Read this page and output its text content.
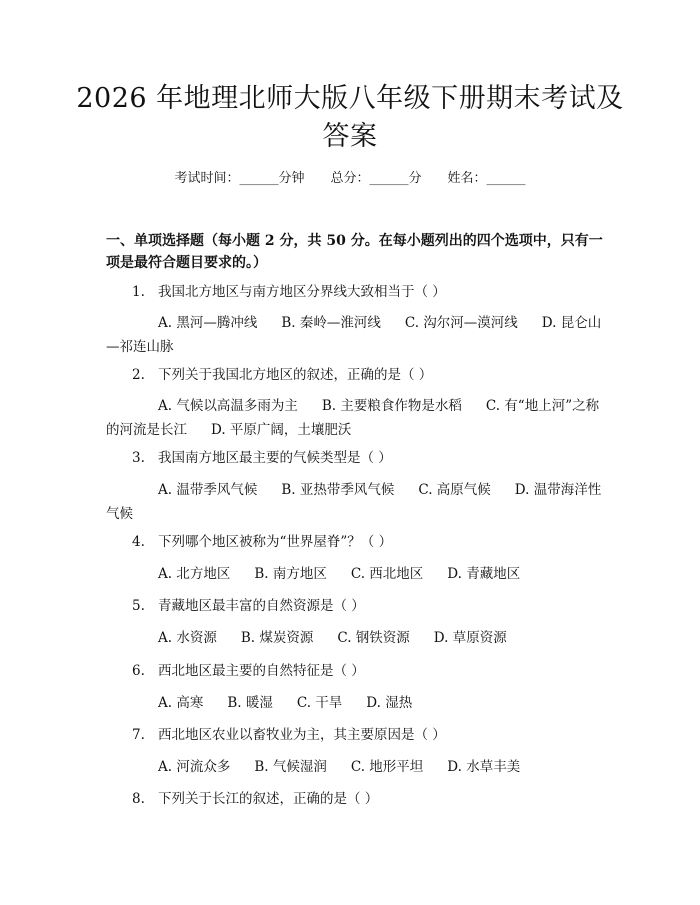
2026 年地理北师大版八年级下册期末考试及
答案
考试时间：______分钟 总分：______分 姓名：______
一、单项选择题（每小题 2 分，共 50 分。在每小题列出的四个选项中，只有一项是最符合题目要求的。）
1. 我国北方地区与南方地区分界线大致相当于（ ）
A. 黑河—腾冲线 B. 秦岭—淮河线 C. 沟尔河—漠河线 D. 昆仑山—祁连山脉
2. 下列关于我国北方地区的叙述，正确的是（ ）
A. 气候以高温多雨为主 B. 主要粮食作物是水稻 C. 有“地上河”之称的河流是长江 D. 平原广阔，土壤肥沃
3. 我国南方地区最主要的气候类型是（ ）
A. 温带季风气候 B. 亚热带季风气候 C. 高原气候 D. 温带海洋性气候
4. 下列哪个地区被称为“世界屋脊”？（ ）
A. 北方地区 B. 南方地区 C. 西北地区 D. 青藏地区
5. 青藏地区最丰富的自然资源是（ ）
A. 水资源 B. 煤炭资源 C. 钢铁资源 D. 草原资源
6. 西北地区最主要的自然特征是（ ）
A. 高寒 B. 暖湿 C. 干旱 D. 湿热
7. 西北地区农业以畜牧业为主，其主要原因是（ ）
A. 河流众多 B. 气候湿润 C. 地形平坦 D. 水草丰美
8. 下列关于长江的叙述，正确的是（ ）
